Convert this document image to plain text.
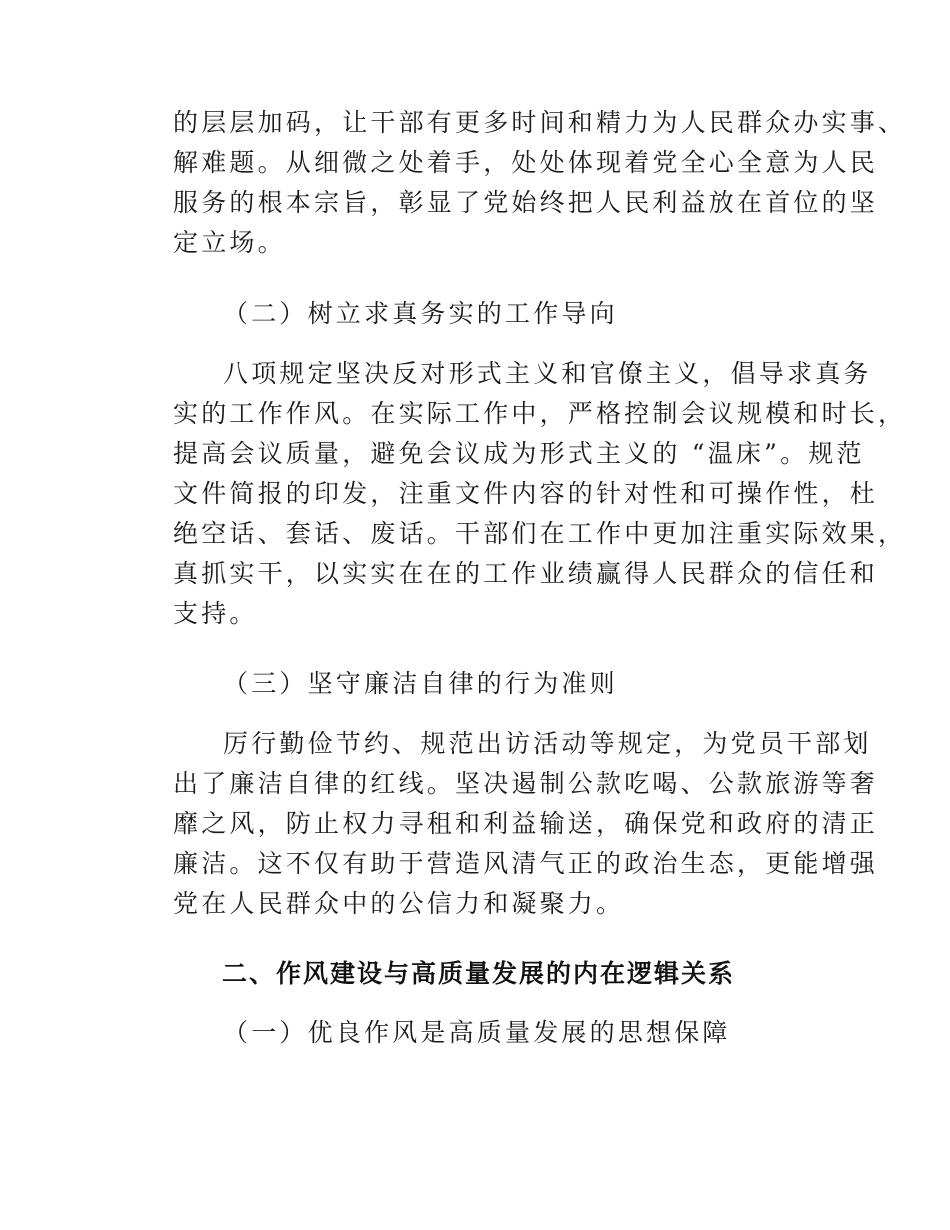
的层层加码，让干部有更多时间和精力为人民群众办实事、
解难题。从细微之处着手，处处体现着党全心全意为人民
服务的根本宗旨，彰显了党始终把人民利益放在首位的坚
定立场。

（二）树立求真务实的工作导向

八项规定坚决反对形式主义和官僚主义，倡导求真务
实的工作作风。在实际工作中，严格控制会议规模和时长，
提高会议质量，避免会议成为形式主义的 “温床”。规范
文件简报的印发，注重文件内容的针对性和可操作性，杜
绝空话、套话、废话。干部们在工作中更加注重实际效果，
真抓实干，以实实在在的工作业绩赢得人民群众的信任和
支持。

（三）坚守廉洁自律的行为准则

厉行勤俭节约、规范出访活动等规定，为党员干部划
出了廉洁自律的红线。坚决遏制公款吃喝、公款旅游等奢
靡之风，防止权力寻租和利益输送，确保党和政府的清正
廉洁。这不仅有助于营造风清气正的政治生态，更能增强
党在人民群众中的公信力和凝聚力。

二、作风建设与高质量发展的内在逻辑关系

（一）优良作风是高质量发展的思想保障
